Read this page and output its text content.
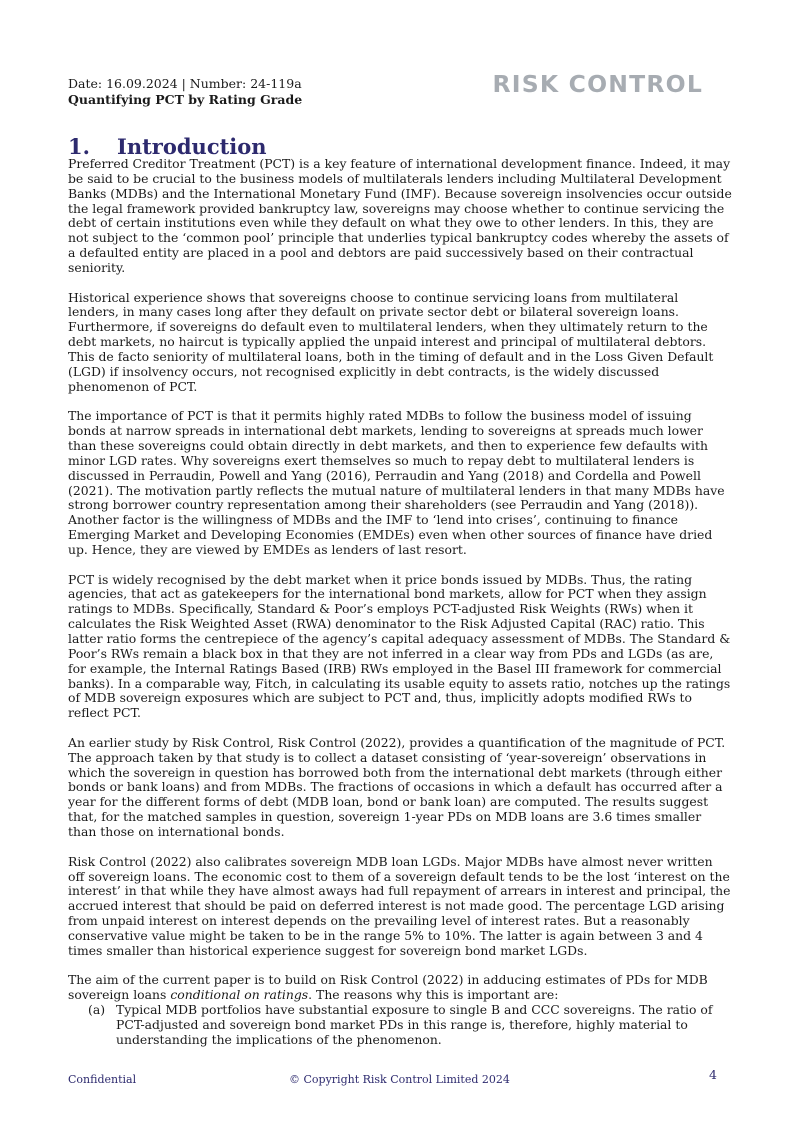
Date: 16.09.2024 | Number: 24-119a
Quantifying PCT by Rating Grade
RISK CONTROL
1. Introduction

Preferred Creditor Treatment (PCT) is a key feature of international development finance. Indeed, it may be said to be crucial to the business models of multilaterals lenders including Multilateral Development Banks (MDBs) and the International Monetary Fund (IMF). Because sovereign insolvencies occur outside the legal framework provided bankruptcy law, sovereigns may choose whether to continue servicing the debt of certain institutions even while they default on what they owe to other lenders. In this, they are not subject to the ‘common pool’ principle that underlies typical bankruptcy codes whereby the assets of a defaulted entity are placed in a pool and debtors are paid successively based on their contractual seniority.

Historical experience shows that sovereigns choose to continue servicing loans from multilateral lenders, in many cases long after they default on private sector debt or bilateral sovereign loans. Furthermore, if sovereigns do default even to multilateral lenders, when they ultimately return to the debt markets, no haircut is typically applied the unpaid interest and principal of multilateral debtors. This de facto seniority of multilateral loans, both in the timing of default and in the Loss Given Default (LGD) if insolvency occurs, not recognised explicitly in debt contracts, is the widely discussed phenomenon of PCT.

The importance of PCT is that it permits highly rated MDBs to follow the business model of issuing bonds at narrow spreads in international debt markets, lending to sovereigns at spreads much lower than these sovereigns could obtain directly in debt markets, and then to experience few defaults with minor LGD rates. Why sovereigns exert themselves so much to repay debt to multilateral lenders is discussed in Perraudin, Powell and Yang (2016), Perraudin and Yang (2018) and Cordella and Powell (2021). The motivation partly reflects the mutual nature of multilateral lenders in that many MDBs have strong borrower country representation among their shareholders (see Perraudin and Yang (2018)). Another factor is the willingness of MDBs and the IMF to ‘lend into crises’, continuing to finance Emerging Market and Developing Economies (EMDEs) even when other sources of finance have dried up. Hence, they are viewed by EMDEs as lenders of last resort.

PCT is widely recognised by the debt market when it price bonds issued by MDBs. Thus, the rating agencies, that act as gatekeepers for the international bond markets, allow for PCT when they assign ratings to MDBs. Specifically, Standard & Poor’s employs PCT-adjusted Risk Weights (RWs) when it calculates the Risk Weighted Asset (RWA) denominator to the Risk Adjusted Capital (RAC) ratio. This latter ratio forms the centrepiece of the agency’s capital adequacy assessment of MDBs. The Standard & Poor’s RWs remain a black box in that they are not inferred in a clear way from PDs and LGDs (as are, for example, the Internal Ratings Based (IRB) RWs employed in the Basel III framework for commercial banks). In a comparable way, Fitch, in calculating its usable equity to assets ratio, notches up the ratings of MDB sovereign exposures which are subject to PCT and, thus, implicitly adopts modified RWs to reflect PCT.

An earlier study by Risk Control, Risk Control (2022), provides a quantification of the magnitude of PCT. The approach taken by that study is to collect a dataset consisting of ‘year-sovereign’ observations in which the sovereign in question has borrowed both from the international debt markets (through either bonds or bank loans) and from MDBs. The fractions of occasions in which a default has occurred after a year for the different forms of debt (MDB loan, bond or bank loan) are computed. The results suggest that, for the matched samples in question, sovereign 1-year PDs on MDB loans are 3.6 times smaller than those on international bonds.

Risk Control (2022) also calibrates sovereign MDB loan LGDs. Major MDBs have almost never written off sovereign loans. The economic cost to them of a sovereign default tends to be the lost ‘interest on the interest’ in that while they have almost aways had full repayment of arrears in interest and principal, the accrued interest that should be paid on deferred interest is not made good. The percentage LGD arising from unpaid interest on interest depends on the prevailing level of interest rates. But a reasonably conservative value might be taken to be in the range 5% to 10%. The latter is again between 3 and 4 times smaller than historical experience suggest for sovereign bond market LGDs.

The aim of the current paper is to build on Risk Control (2022) in adducing estimates of PDs for MDB sovereign loans conditional on ratings. The reasons why this is important are:

(a) Typical MDB portfolios have substantial exposure to single B and CCC sovereigns. The ratio of PCT-adjusted and sovereign bond market PDs in this range is, therefore, highly material to understanding the implications of the phenomenon.
Confidential	© Copyright Risk Control Limited 2024	4
